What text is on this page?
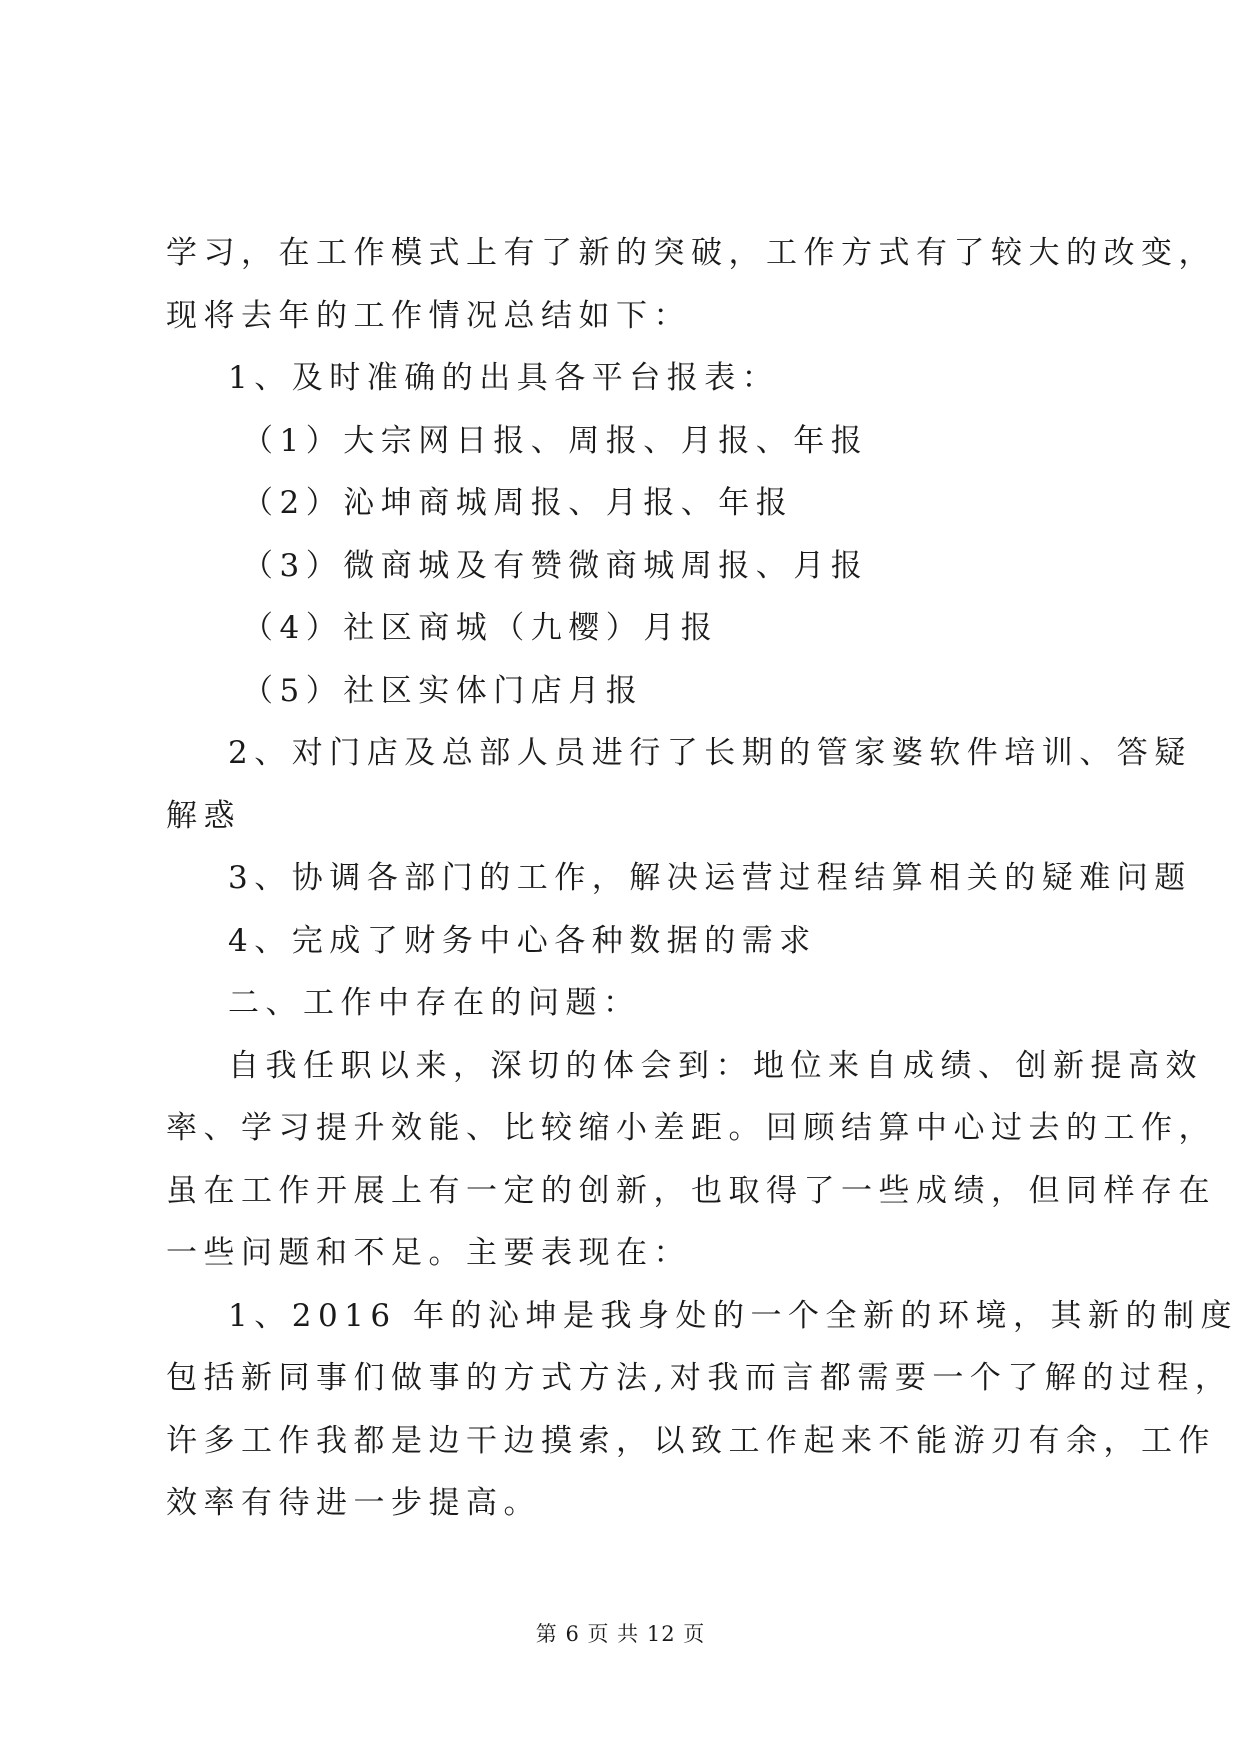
学习，在工作模式上有了新的突破，工作方式有了较大的改变，
现将去年的工作情况总结如下：
1、及时准确的出具各平台报表：
（1）大宗网日报、周报、月报、年报
（2）沁坤商城周报、月报、年报
（3）微商城及有赞微商城周报、月报
（4）社区商城（九樱）月报
（5）社区实体门店月报
2、对门店及总部人员进行了长期的管家婆软件培训、答疑
解惑
3、协调各部门的工作，解决运营过程结算相关的疑难问题
4、完成了财务中心各种数据的需求
二、工作中存在的问题：
自我任职以来，深切的体会到：地位来自成绩、创新提高效
率、学习提升效能、比较缩小差距。回顾结算中心过去的工作，
虽在工作开展上有一定的创新，也取得了一些成绩，但同样存在
一些问题和不足。主要表现在：
1、2016 年的沁坤是我身处的一个全新的环境，其新的制度
包括新同事们做事的方式方法,对我而言都需要一个了解的过程，
许多工作我都是边干边摸索，以致工作起来不能游刃有余，工作
效率有待进一步提高。
第 6 页 共 12 页
